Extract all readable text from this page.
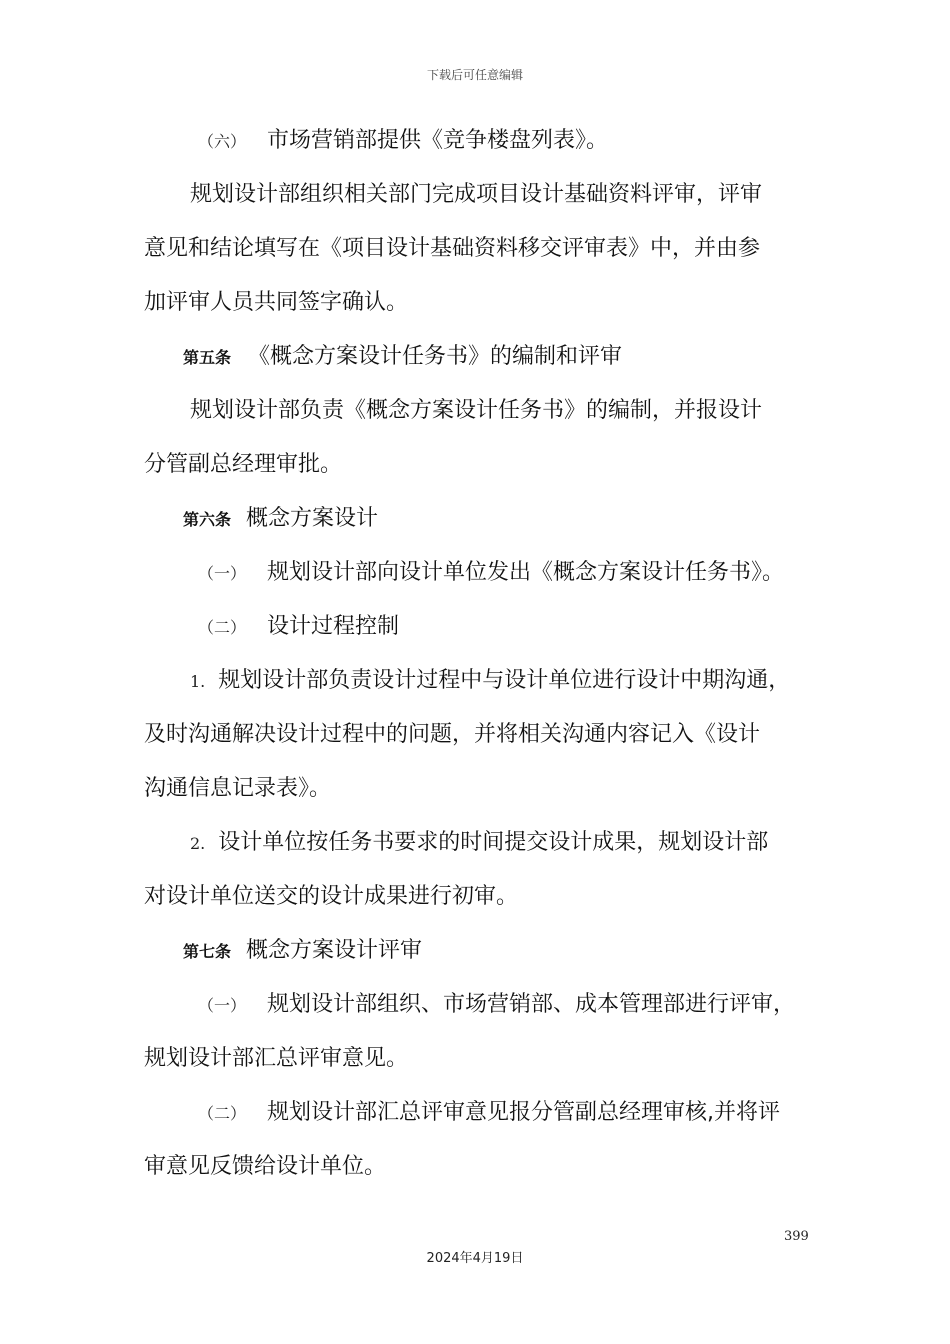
下载后可任意编辑
（六） 市场营销部提供《竞争楼盘列表》。
规划设计部组织相关部门完成项目设计基础资料评审，评审
意见和结论填写在《项目设计基础资料移交评审表》中，并由参
加评审人员共同签字确认。
第五条 《概念方案设计任务书》的编制和评审
规划设计部负责《概念方案设计任务书》的编制，并报设计
分管副总经理审批。
第六条 概念方案设计
（一） 规划设计部向设计单位发出《概念方案设计任务书》。
（二） 设计过程控制
1. 规划设计部负责设计过程中与设计单位进行设计中期沟通，
及时沟通解决设计过程中的问题，并将相关沟通内容记入《设计
沟通信息记录表》。
2. 设计单位按任务书要求的时间提交设计成果，规划设计部
对设计单位送交的设计成果进行初审。
第七条 概念方案设计评审
（一） 规划设计部组织、市场营销部、成本管理部进行评审，
规划设计部汇总评审意见。
（二） 规划设计部汇总评审意见报分管副总经理审核,并将评
审意见反馈给设计单位。
399
2024年4月19日
